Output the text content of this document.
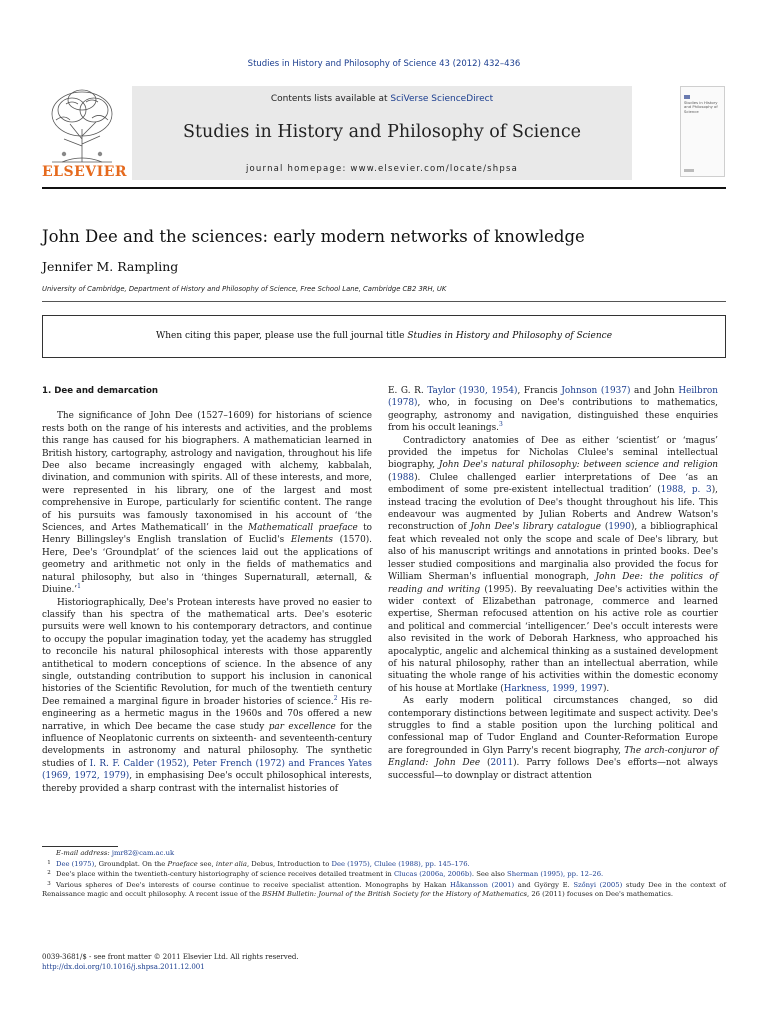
Studies in History and Philosophy of Science 43 (2012) 432–436
ELSEVIER
Contents lists available at SciVerse ScienceDirect
Studies in History and Philosophy of Science
journal homepage: www.elsevier.com/locate/shpsa
Studies in History and Philosophy of Science
John Dee and the sciences: early modern networks of knowledge
Jennifer M. Rampling
University of Cambridge, Department of History and Philosophy of Science, Free School Lane, Cambridge CB2 3RH, UK
When citing this paper, please use the full journal title Studies in History and Philosophy of Science

1. Dee and demarcation

The significance of John Dee (1527–1609) for historians of science rests both on the range of his interests and activities, and the problems this range has caused for his biographers. A mathematician learned in British history, cartography, astrology and navigation, throughout his life Dee also became increasingly engaged with alchemy, kabbalah, divination, and communion with spirits. All of these interests, and more, were represented in his library, one of the largest and most comprehensive in Europe, particularly for scientific content. The range of his pursuits was famously taxonomised in his account of ‘the Sciences, and Artes Mathematicall’ in the Mathematicall praeface to Henry Billingsley's English translation of Euclid's Elements (1570). Here, Dee's ‘Groundplat’ of the sciences laid out the applications of geometry and arithmetic not only in the fields of mathematics and natural philosophy, but also in ‘thinges Supernaturall, æternall, & Diuine.’$^1$

Historiographically, Dee's Protean interests have proved no easier to classify than his spectra of the mathematical arts. Dee's esoteric pursuits were well known to his contemporary detractors, and continue to occupy the popular imagination today, yet the academy has struggled to reconcile his natural philosophical interests with those apparently antithetical to modern conceptions of science. In the absence of any single, outstanding contribution to support his inclusion in canonical histories of the Scientific Revolution, for much of the twentieth century Dee remained a marginal figure in broader histories of science.$^2$ His re-engineering as a hermetic magus in the 1960s and 70s offered a new narrative, in which Dee became the case study par excellence for the influence of Neoplatonic currents on sixteenth- and seventeenth-century developments in astronomy and natural philosophy. The synthetic studies of I. R. F. Calder (1952), Peter French (1972) and Frances Yates (1969, 1972, 1979), in emphasising Dee's occult philosophical interests, thereby provided a sharp contrast with the internalist histories of

E. G. R. Taylor (1930, 1954), Francis Johnson (1937) and John Heilbron (1978), who, in focusing on Dee's contributions to mathematics, geography, astronomy and navigation, distinguished these enquiries from his occult leanings.$^3$

Contradictory anatomies of Dee as either ‘scientist’ or ‘magus’ provided the impetus for Nicholas Clulee's seminal intellectual biography, John Dee's natural philosophy: between science and religion (1988). Clulee challenged earlier interpretations of Dee ‘as an embodiment of some pre-existent intellectual tradition’ (1988, p. 3), instead tracing the evolution of Dee's thought throughout his life. This endeavour was augmented by Julian Roberts and Andrew Watson's reconstruction of John Dee's library catalogue (1990), a bibliographical feat which revealed not only the scope and scale of Dee's library, but also of his manuscript writings and annotations in printed books. Dee's lesser studied compositions and marginalia also provided the focus for William Sherman's influential monograph, John Dee: the politics of reading and writing (1995). By reevaluating Dee's activities within the wider context of Elizabethan patronage, commerce and learned expertise, Sherman refocused attention on his active role as courtier and political and commercial ‘intelligencer.’ Dee's occult interests were also revisited in the work of Deborah Harkness, who approached his apocalyptic, angelic and alchemical thinking as a sustained development of his natural philosophy, rather than an intellectual aberration, while situating the whole range of his activities within the domestic economy of his house at Mortlake (Harkness, 1999, 1997).

As early modern political circumstances changed, so did contemporary distinctions between legitimate and suspect activity. Dee's struggles to find a stable position upon the lurching political and confessional map of Tudor England and Counter-Reformation Europe are foregrounded in Glyn Parry's recent biography, The arch-conjuror of England: John Dee (2011). Parry follows Dee's efforts—not always successful—to downplay or distract attention

E-mail address: jmr82@cam.ac.uk
1 Dee (1975), Groundplat. On the Praeface see, inter alia, Debus, Introduction to Dee (1975), Clulee (1988), pp. 145–176.
2 Dee's place within the twentieth-century historiography of science receives detailed treatment in Clucas (2006a, 2006b). See also Sherman (1995), pp. 12–26.
3 Various spheres of Dee's interests of course continue to receive specialist attention. Monographs by Hakan Håkansson (2001) and György E. Szőnyi (2005) study Dee in the context of Renaissance magic and occult philosophy. A recent issue of the BSHM Bulletin: Journal of the British Society for the History of Mathematics, 26 (2011) focuses on Dee's mathematics.
0039-3681/$ - see front matter © 2011 Elsevier Ltd. All rights reserved.
http://dx.doi.org/10.1016/j.shpsa.2011.12.001
